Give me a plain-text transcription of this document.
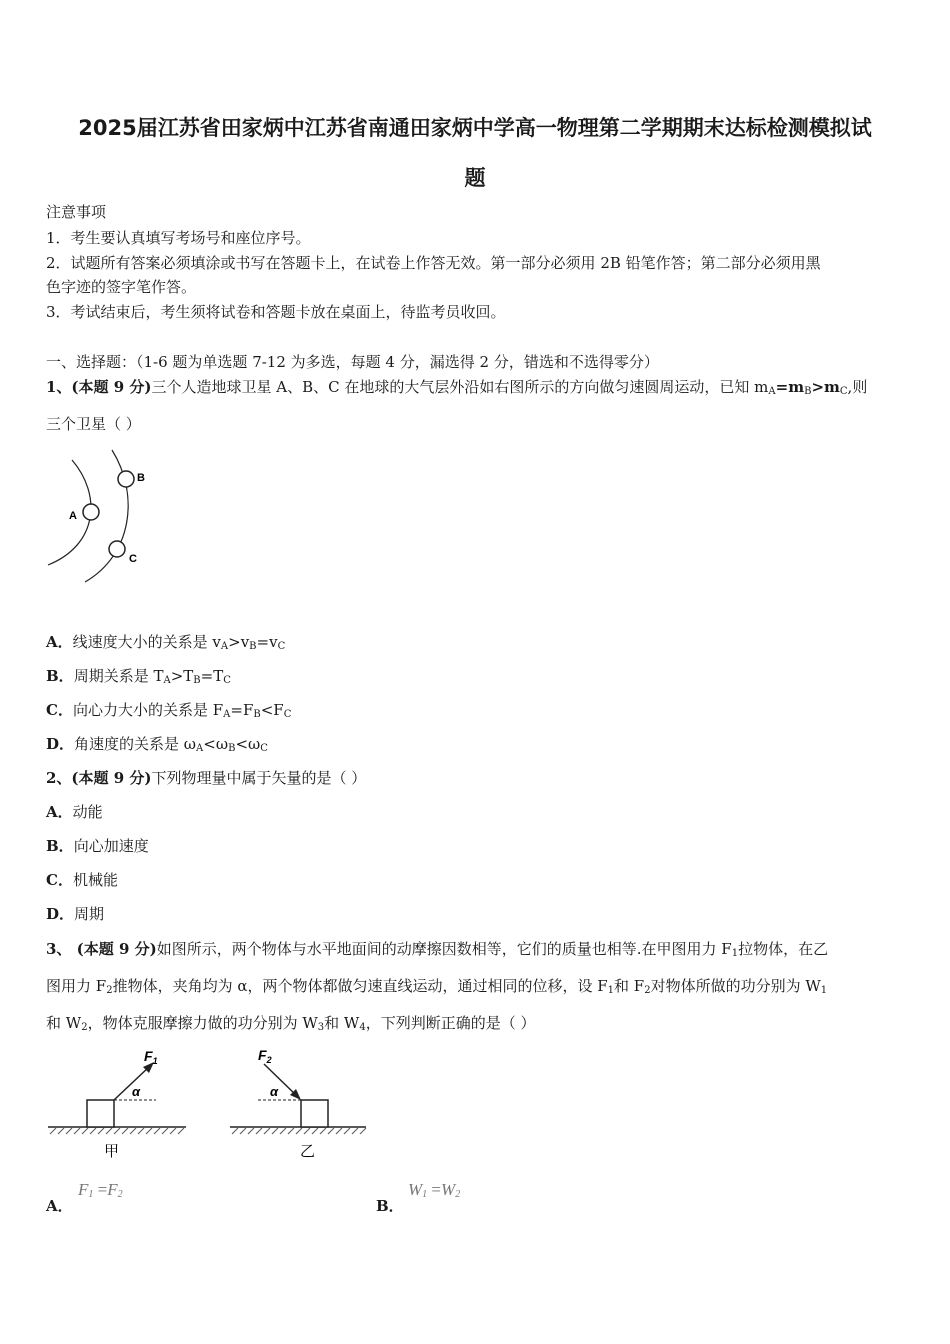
2025届江苏省田家炳中江苏省南通田家炳中学高一物理第二学期期末达标检测模拟试
题
注意事项
1．考生要认真填写考场号和座位序号。
2．试题所有答案必须填涂或书写在答题卡上，在试卷上作答无效。第一部分必须用 2B 铅笔作答；第二部分必须用黑
色字迹的签字笔作答。
3．考试结束后，考生须将试卷和答题卡放在桌面上，待监考员收回。
一、选择题：（1-6 题为单选题 7-12 为多选，每题 4 分，漏选得 2 分，错选和不选得零分）
1、(本题 9 分)三个人造地球卫星 A、B、C 在地球的大气层外沿如右图所示的方向做匀速圆周运动，已知 $m_A=m_B>m_C$,则
三个卫星（ ）
A
B
C
A．线速度大小的关系是 $v_A>v_B=v_C$
B．周期关系是 $T_A>T_B=T_C$
C．向心力大小的关系是 $F_A=F_B<F_C$
D．角速度的关系是 $\omega_A<\omega_B<\omega_C$
2、(本题 9 分)下列物理量中属于矢量的是（ ）
A．动能
B．向心加速度
C．机械能
D．周期
3、 (本题 9 分)如图所示，两个物体与水平地面间的动摩擦因数相等，它们的质量也相等.在甲图用力 $F_1$拉物体，在乙
图用力 $F_2$推物体，夹角均为 α，两个物体都做匀速直线运动，通过相同的位移，设 $F_1$和 $F_2$对物体所做的功分别为 $W_1$
和 $W_2$，物体克服摩擦力做的功分别为 $W_3$和 $W_4$，下列判断正确的是（ ）
α
$F_1$
甲
α
$F_2$
乙
A．
$F_1 =F_2$
B．
$W_1 =W_2$
